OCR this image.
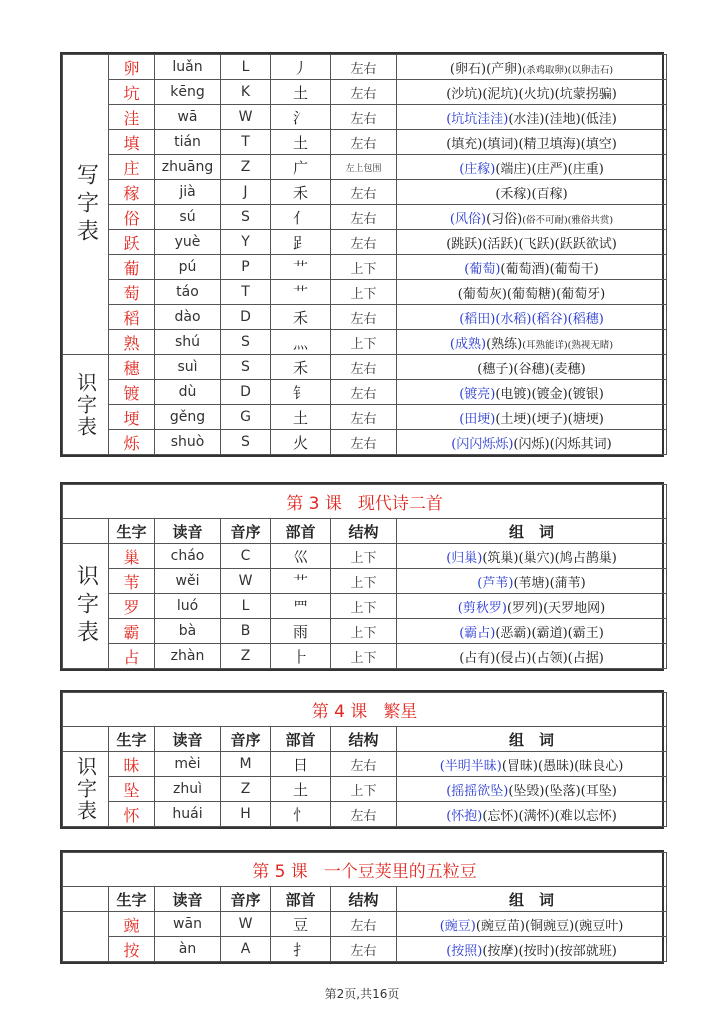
写字表	卵	luǎn	L	丿	左右	(卵石)(产卵)(杀鸡取卵)(以卵击石)
	坑	kēng	K	土	左右	(沙坑)(泥坑)(火坑)(坑蒙拐骗)
	洼	wā	W	氵	左右	(坑坑洼洼)(水洼)(洼地)(低洼)
	填	tián	T	土	左右	(填充)(填词)(精卫填海)(填空)
	庄	zhuāng	Z	广	左上包围	(庄稼)(端庄)(庄严)(庄重)
	稼	jià	J	禾	左右	(禾稼)(百稼)
	俗	sú	S	亻	左右	(风俗)(习俗)(俗不可耐)(雅俗共赏)
	跃	yuè	Y	𧾷	左右	(跳跃)(活跃)(飞跃)(跃跃欲试)
	葡	pú	P	艹	上下	(葡萄)(葡萄酒)(葡萄干)
	萄	táo	T	艹	上下	(葡萄灰)(葡萄糖)(葡萄牙)
	稻	dào	D	禾	左右	(稻田)(水稻)(稻谷)(稻穗)
	熟	shú	S	灬	上下	(成熟)(熟练)(耳熟能详)(熟视无睹)

识字表	穗	suì	S	禾	左右	(穗子)(谷穗)(麦穗)
	镀	dù	D	钅	左右	(镀亮)(电镀)(镀金)(镀银)
	埂	gěng	G	土	左右	(田埂)(土埂)(埂子)(塘埂)
	烁	shuò	S	火	左右	(闪闪烁烁)(闪烁)(闪烁其词)
第 3 课 现代诗二首						
	生字	读音	音序	部首	结构	组　词

识字表	巢	cháo	C	巛	上下	(归巢)(筑巢)(巢穴)(鸠占鹊巢)
	苇	wěi	W	艹	上下	(芦苇)(苇塘)(蒲苇)
	罗	luó	L	罒	上下	(剪秋罗)(罗列)(天罗地网)
	霸	bà	B	雨	上下	(霸占)(恶霸)(霸道)(霸王)
	占	zhàn	Z	⺊	上下	(占有)(侵占)(占领)(占据)
第 4 课 繁星						
	生字	读音	音序	部首	结构	组　词

识字表	昧	mèi	M	日	左右	(半明半昧)(冒昧)(愚昧)(昧良心)
	坠	zhuì	Z	土	上下	(摇摇欲坠)(坠毁)(坠落)(耳坠)
	怀	huái	H	忄	左右	(怀抱)(忘怀)(满怀)(难以忘怀)
第 5 课 一个豆荚里的五粒豆						
	生字	读音	音序	部首	结构	组　词
	豌	wān	W	豆	左右	(豌豆)(豌豆苗)(铜豌豆)(豌豆叶)
	按	àn	A	扌	左右	(按照)(按摩)(按时)(按部就班)
第2页,共16页
